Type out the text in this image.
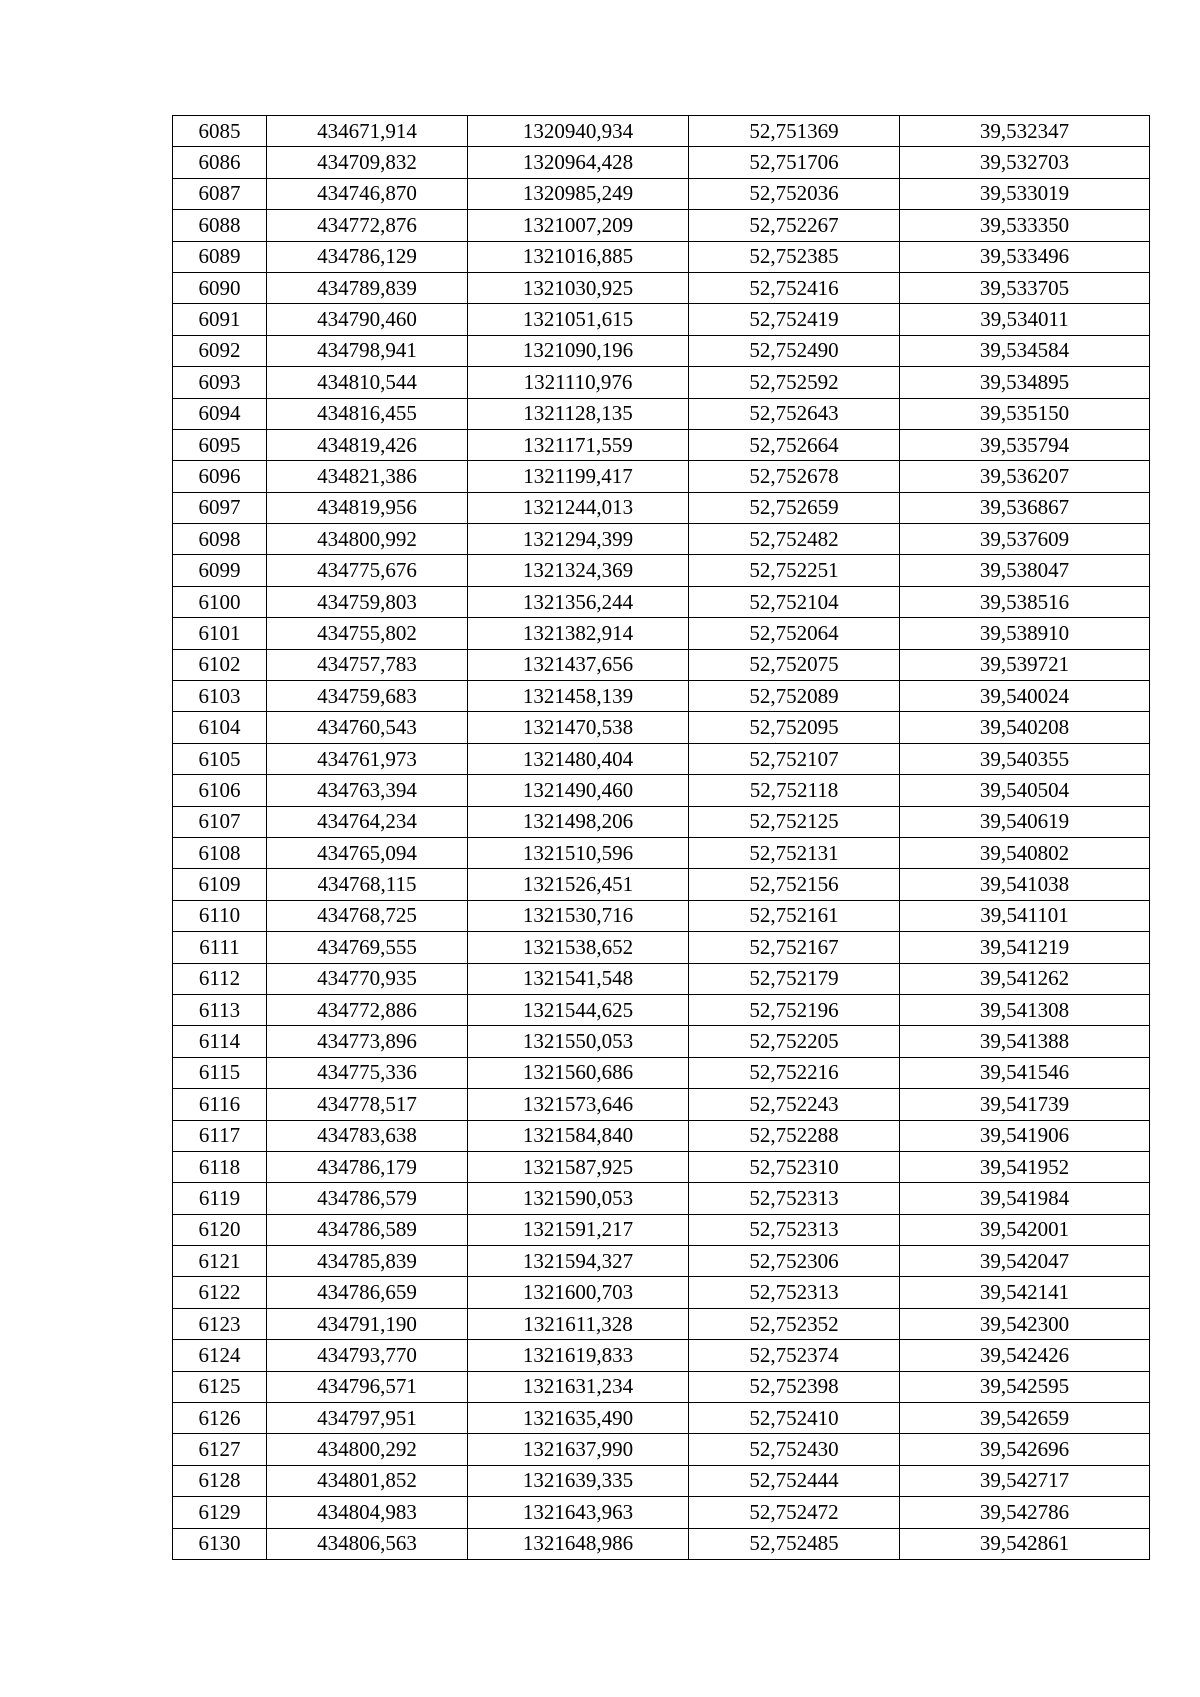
6085	434671,914	1320940,934	52,751369	39,532347
6086	434709,832	1320964,428	52,751706	39,532703
6087	434746,870	1320985,249	52,752036	39,533019
6088	434772,876	1321007,209	52,752267	39,533350
6089	434786,129	1321016,885	52,752385	39,533496
6090	434789,839	1321030,925	52,752416	39,533705
6091	434790,460	1321051,615	52,752419	39,534011
6092	434798,941	1321090,196	52,752490	39,534584
6093	434810,544	1321110,976	52,752592	39,534895
6094	434816,455	1321128,135	52,752643	39,535150
6095	434819,426	1321171,559	52,752664	39,535794
6096	434821,386	1321199,417	52,752678	39,536207
6097	434819,956	1321244,013	52,752659	39,536867
6098	434800,992	1321294,399	52,752482	39,537609
6099	434775,676	1321324,369	52,752251	39,538047
6100	434759,803	1321356,244	52,752104	39,538516
6101	434755,802	1321382,914	52,752064	39,538910
6102	434757,783	1321437,656	52,752075	39,539721
6103	434759,683	1321458,139	52,752089	39,540024
6104	434760,543	1321470,538	52,752095	39,540208
6105	434761,973	1321480,404	52,752107	39,540355
6106	434763,394	1321490,460	52,752118	39,540504
6107	434764,234	1321498,206	52,752125	39,540619
6108	434765,094	1321510,596	52,752131	39,540802
6109	434768,115	1321526,451	52,752156	39,541038
6110	434768,725	1321530,716	52,752161	39,541101
6111	434769,555	1321538,652	52,752167	39,541219
6112	434770,935	1321541,548	52,752179	39,541262
6113	434772,886	1321544,625	52,752196	39,541308
6114	434773,896	1321550,053	52,752205	39,541388
6115	434775,336	1321560,686	52,752216	39,541546
6116	434778,517	1321573,646	52,752243	39,541739
6117	434783,638	1321584,840	52,752288	39,541906
6118	434786,179	1321587,925	52,752310	39,541952
6119	434786,579	1321590,053	52,752313	39,541984
6120	434786,589	1321591,217	52,752313	39,542001
6121	434785,839	1321594,327	52,752306	39,542047
6122	434786,659	1321600,703	52,752313	39,542141
6123	434791,190	1321611,328	52,752352	39,542300
6124	434793,770	1321619,833	52,752374	39,542426
6125	434796,571	1321631,234	52,752398	39,542595
6126	434797,951	1321635,490	52,752410	39,542659
6127	434800,292	1321637,990	52,752430	39,542696
6128	434801,852	1321639,335	52,752444	39,542717
6129	434804,983	1321643,963	52,752472	39,542786
6130	434806,563	1321648,986	52,752485	39,542861
